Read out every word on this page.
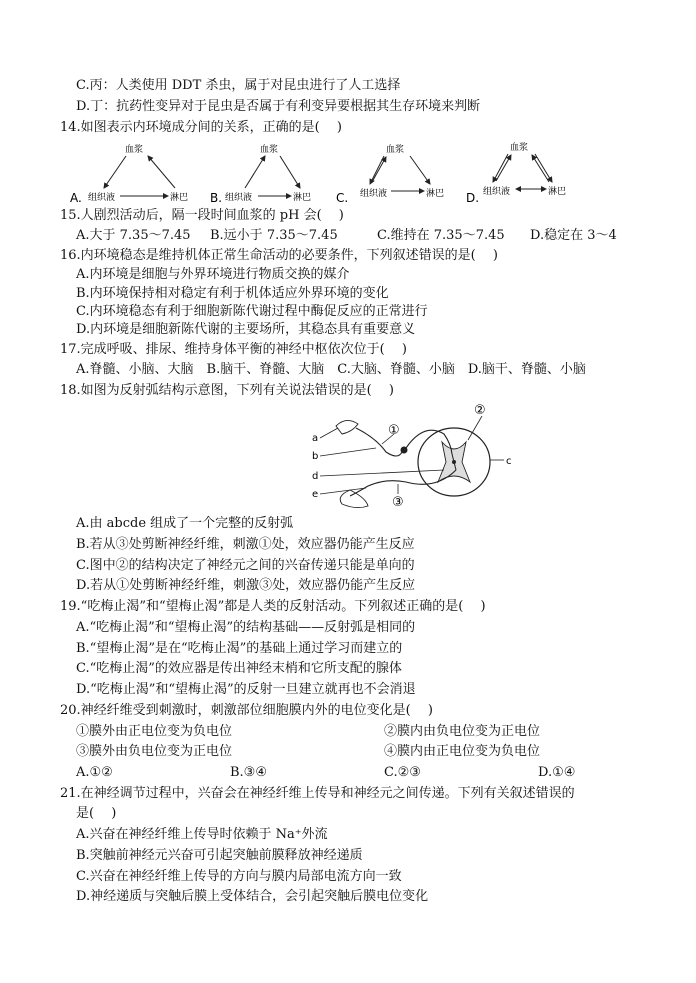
C.丙：人类使用 DDT 杀虫，属于对昆虫进行了人工选择
D.丁：抗药性变异对于昆虫是否属于有利变异要根据其生存环境来判断
14.如图表示内环境成分间的关系，正确的是(　 )
A.
血浆
组织液	淋巴 B.
血浆
组织液	淋巴 C.
血浆
组织液	淋巴 D.
血浆
组织液	淋巴
15.人剧烈活动后，隔一段时间血浆的 pH 会(　 )
A.大于 7.35～7.45 B.远小于 7.35～7.45	C.维持在 7.35～7.45 D.稳定在 3～4
16.内环境稳态是维持机体正常生命活动的必要条件，下列叙述错误的是(　 )
A.内环境是细胞与外界环境进行物质交换的媒介
B.内环境保持相对稳定有利于机体适应外界环境的变化
C.内环境稳态有利于细胞新陈代谢过程中酶促反应的正常进行
D.内环境是细胞新陈代谢的主要场所，其稳态具有重要意义
17.完成呼吸、排尿、维持身体平衡的神经中枢依次位于(　 )
A.脊髓、小脑、大脑　B.脑干、脊髓、大脑　C.大脑、脊髓、小脑　D.脑干、脊髓、小脑
18.如图为反射弧结构示意图，下列有关说法错误的是(　 )
a
b	c
d
e
①
②
③
A.由 abcde 组成了一个完整的反射弧
B.若从③处剪断神经纤维，刺激①处，效应器仍能产生反应
C.图中②的结构决定了神经元之间的兴奋传递只能是单向的
D.若从①处剪断神经纤维，刺激③处，效应器仍能产生反应
19.“吃梅止渴”和“望梅止渴”都是人类的反射活动。下列叙述正确的是(　 )
A.“吃梅止渴”和“望梅止渴”的结构基础——反射弧是相同的
B.“望梅止渴”是在“吃梅止渴”的基础上通过学习而建立的
C.“吃梅止渴”的效应器是传出神经末梢和它所支配的腺体
D.“吃梅止渴”和“望梅止渴”的反射一旦建立就再也不会消退
20.神经纤维受到刺激时，刺激部位细胞膜内外的电位变化是(　 )
①膜外由正电位变为负电位	②膜内由负电位变为正电位
③膜外由负电位变为正电位	④膜内由正电位变为负电位
A.①②	B.③④	C.②③	D.①④
21.在神经调节过程中，兴奋会在神经纤维上传导和神经元之间传递。下列有关叙述错误的
是(　 )
A.兴奋在神经纤维上传导时依赖于 Na⁺外流
B.突触前神经元兴奋可引起突触前膜释放神经递质
C.兴奋在神经纤维上传导的方向与膜内局部电流方向一致
D.神经递质与突触后膜上受体结合，会引起突触后膜电位变化
